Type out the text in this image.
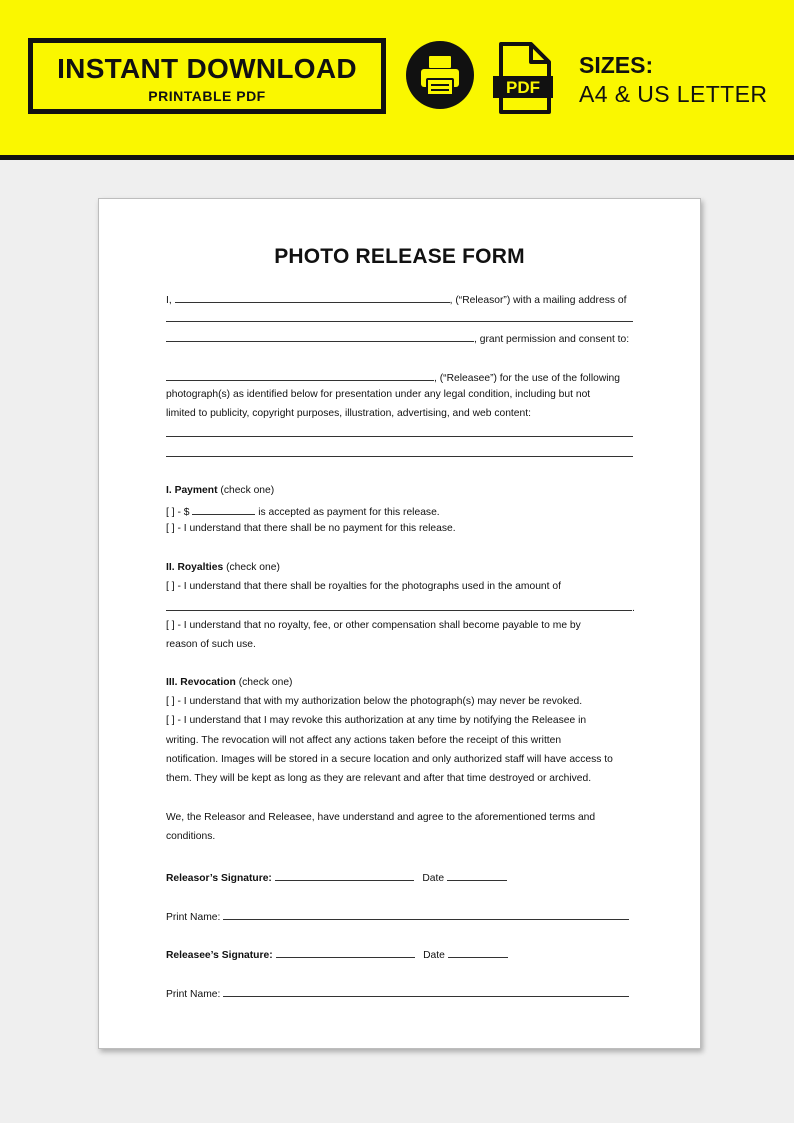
INSTANT DOWNLOAD
PRINTABLE PDF	PDF
SIZES:
A4 & US LETTER
PHOTO RELEASE FORM
I,	, (“Releasor”) with a mailing address of
, grant permission and consent to:
, (“Releasee”) for the use of the following
photograph(s) as identified below for presentation under any legal condition, including but not
limited to publicity, copyright purposes, illustration, advertising, and web content:
I. Payment (check one)
[ ] - $	is accepted as payment for this release.
[ ] - I understand that there shall be no payment for this release.
II. Royalties (check one)
[ ] - I understand that there shall be royalties for the photographs used in the amount of
.
[ ] - I understand that no royalty, fee, or other compensation shall become payable to me by
reason of such use.
III. Revocation (check one)
[ ] - I understand that with my authorization below the photograph(s) may never be revoked.
[ ] - I understand that I may revoke this authorization at any time by notifying the Releasee in
writing. The revocation will not affect any actions taken before the receipt of this written
notification. Images will be stored in a secure location and only authorized staff will have access to
them. They will be kept as long as they are relevant and after that time destroyed or archived.
We, the Releasor and Releasee, have understand and agree to the aforementioned terms and
conditions.
Releasor’s Signature:	Date
Print Name:
Releasee’s Signature:	Date
Print Name:
